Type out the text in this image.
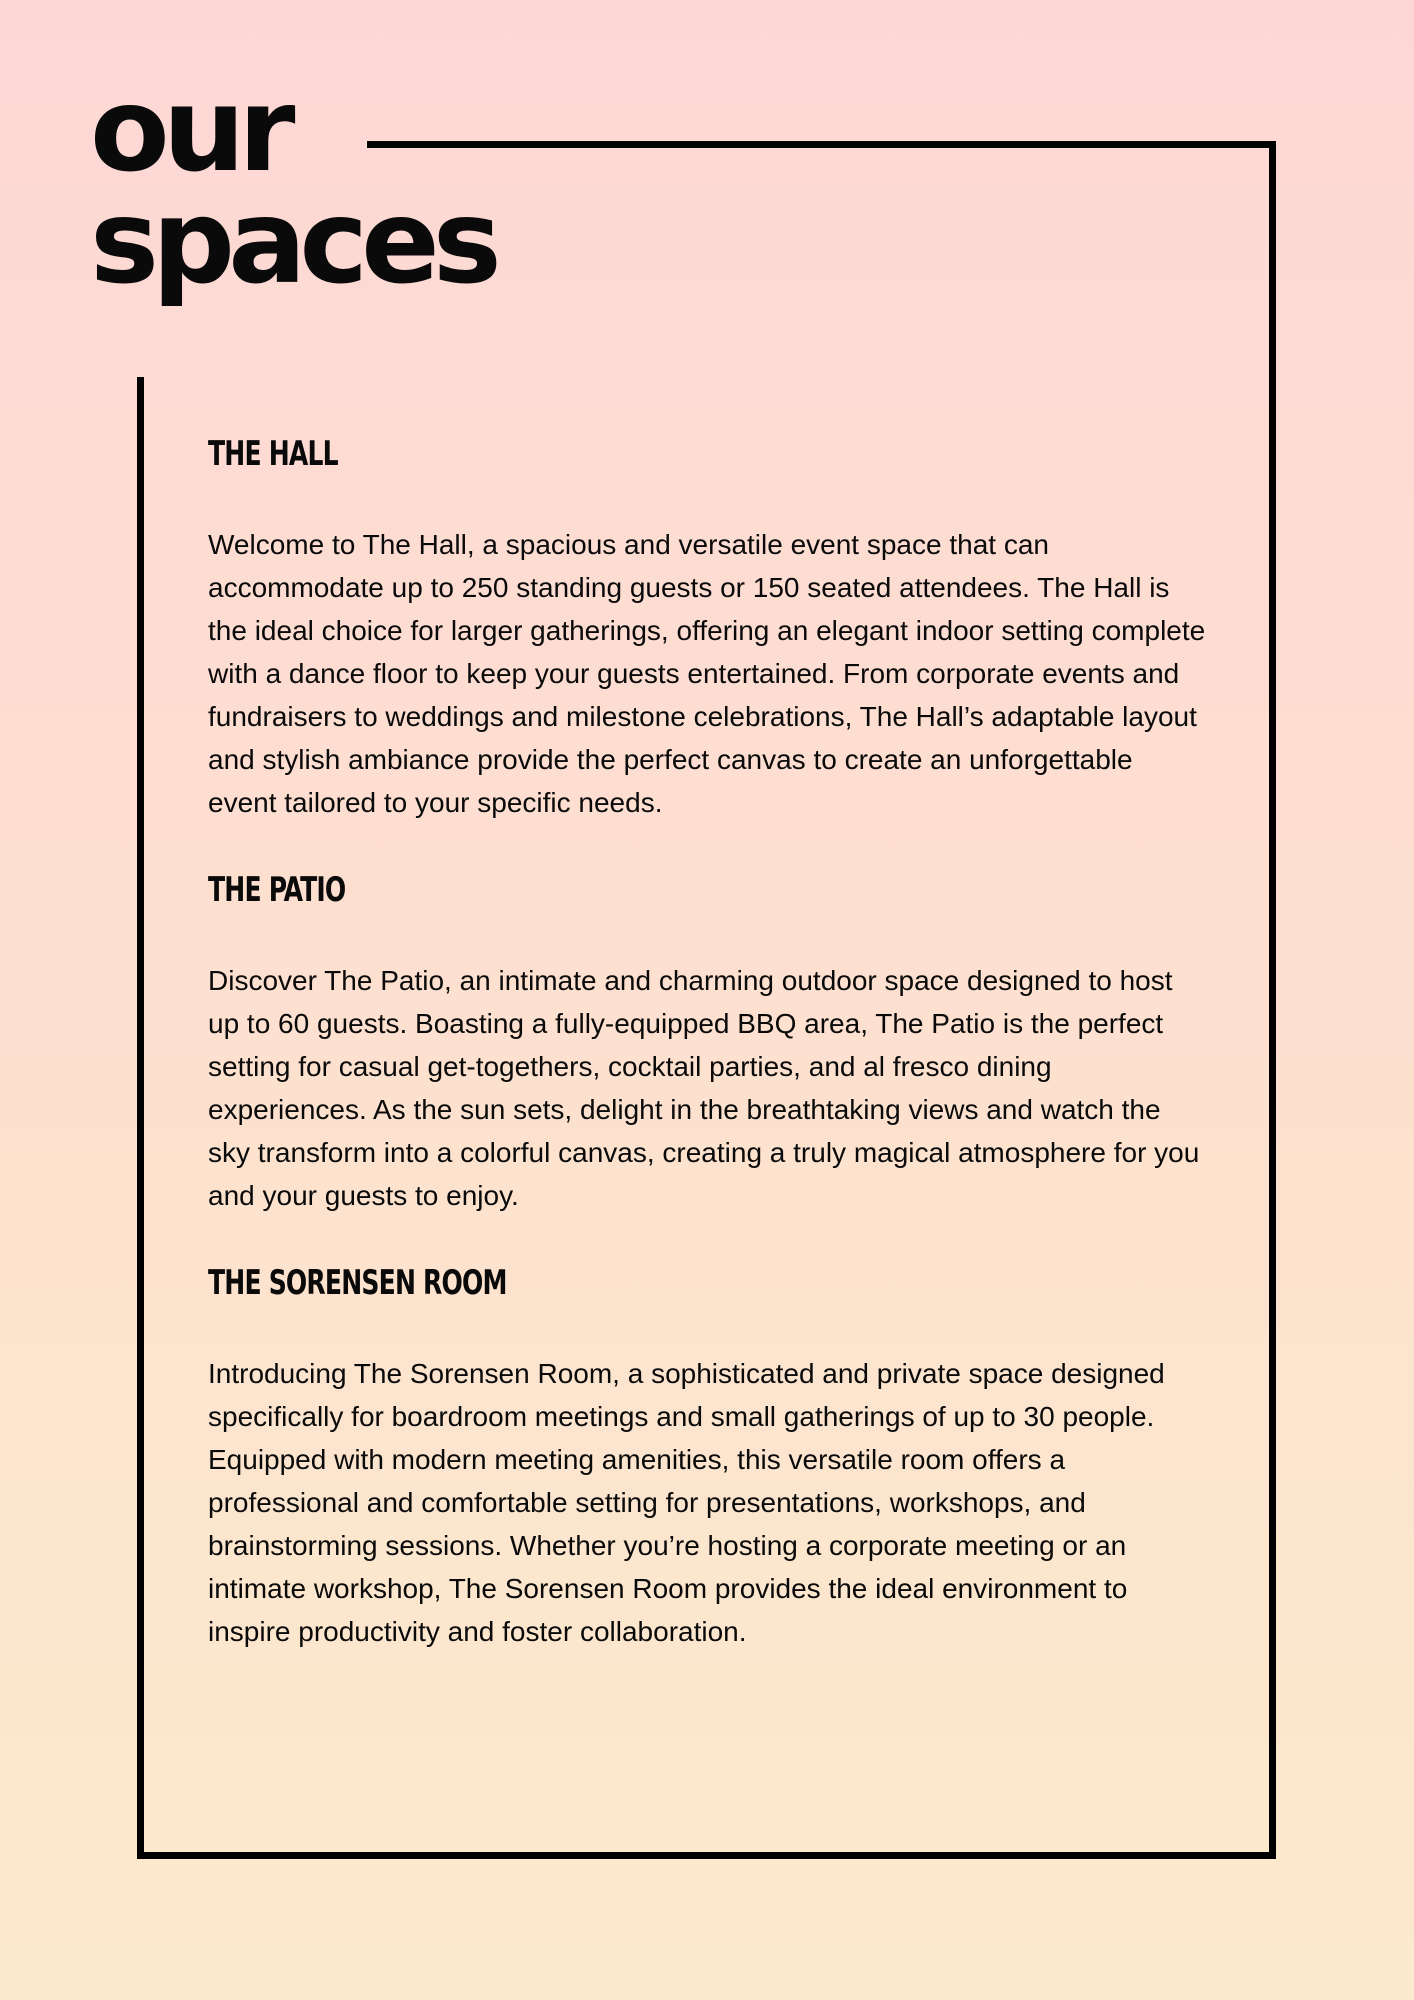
our
spaces
THE HALL

Welcome to The Hall, a spacious and versatile event space that can accommodate up to 250 standing guests or 150 seated attendees. The Hall is the ideal choice for larger gatherings, offering an elegant indoor setting complete with a dance floor to keep your guests entertained. From corporate events and fundraisers to weddings and milestone celebrations, The Hall’s adaptable layout and stylish ambiance provide the perfect canvas to create an unforgettable event tailored to your specific needs.

THE PATIO

Discover The Patio, an intimate and charming outdoor space designed to host up to 60 guests. Boasting a fully-equipped BBQ area, The Patio is the perfect setting for casual get-togethers, cocktail parties, and al fresco dining experiences. As the sun sets, delight in the breathtaking views and watch the sky transform into a colorful canvas, creating a truly magical atmosphere for you and your guests to enjoy.

THE SORENSEN ROOM

Introducing The Sorensen Room, a sophisticated and private space designed specifically for boardroom meetings and small gatherings of up to 30 people. Equipped with modern meeting amenities, this versatile room offers a professional and comfortable setting for presentations, workshops, and brainstorming sessions. Whether you’re hosting a corporate meeting or an intimate workshop, The Sorensen Room provides the ideal environment to inspire productivity and foster collaboration.
